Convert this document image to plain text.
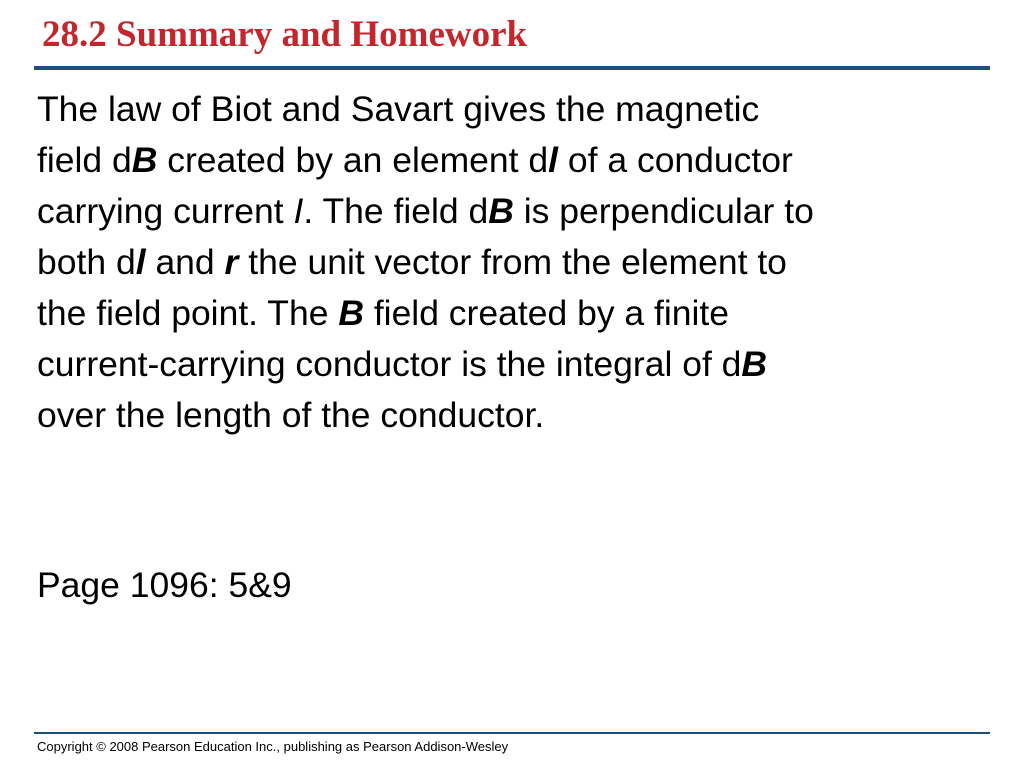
28.2 Summary and Homework
The law of Biot and Savart gives the magnetic
field dB created by an element dl of a conductor
carrying current I. The field dB is perpendicular to
both dl and r the unit vector from the element to
the field point. The B field created by a finite
current-carrying conductor is the integral of dB
over the length of the conductor.
Page 1096: 5&9
Copyright © 2008 Pearson Education Inc., publishing as Pearson Addison-Wesley
